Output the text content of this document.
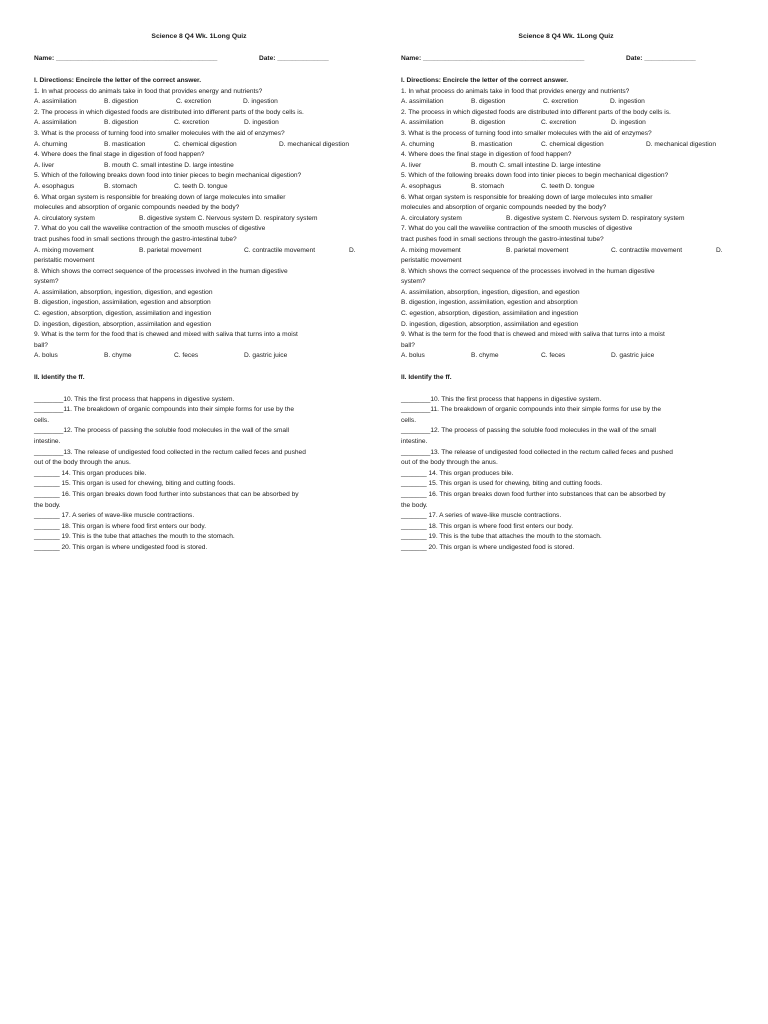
Science 8 Q4 Wk. 1Long Quiz
Name: ____________________________________________	Date: ______________
I. Directions: Encircle the letter of the correct answer.
1. In what process do animals take in food that provides energy and nutrients?
A. assimilation	B. digestion	C. excretion	D. ingestion
2. The process in which digested foods are distributed into different parts of the body cells is.
A. assimilation	B. digestion	C. excretion	D. ingestion
3. What is the process of turning food into smaller molecules with the aid of enzymes?
A. churning	B. mastication	C. chemical digestion	D. mechanical digestion
4. Where does the final stage in digestion of food happen?
A. liver	B. mouth C. small intestine D. large intestine
5. Which of the following breaks down food into tinier pieces to begin mechanical digestion?
A. esophagus	B. stomach	C. teeth D. tongue
6. What organ system is responsible for breaking down of large molecules into smaller
molecules and absorption of organic compounds needed by the body?
A. circulatory system	B. digestive system C. Nervous system D. respiratory system
7. What do you call the wavelike contraction of the smooth muscles of digestive
tract pushes food in small sections through the gastro-intestinal tube?
A. mixing movement	B. parietal movement	C. contractile movement	D.
peristaltic movement
8. Which shows the correct sequence of the processes involved in the human digestive
system?
A. assimilation, absorption, ingestion, digestion, and egestion
B. digestion, ingestion, assimilation, egestion and absorption
C. egestion, absorption, digestion, assimilation and ingestion
D. ingestion, digestion, absorption, assimilation and egestion
9. What is the term for the food that is chewed and mixed with saliva that turns into a moist
ball?
A. bolus	B. chyme	C. feces	D. gastric juice
II. Identify the ff.
________10. This the first process that happens in digestive system.
________11. The breakdown of organic compounds into their simple forms for use by the
cells.
________12. The process of passing the soluble food molecules in the wall of the small
intestine.
________13. The release of undigested food collected in the rectum called feces and pushed
out of the body through the anus.
_______ 14. This organ produces bile.
_______ 15. This organ is used for chewing, biting and cutting foods.
_______ 16. This organ breaks down food further into substances that can be absorbed by
the body.
_______ 17. A series of wave-like muscle contractions.
_______ 18. This organ is where food first enters our body.
_______ 19. This is the tube that attaches the mouth to the stomach.
_______ 20. This organ is where undigested food is stored.
Science 8 Q4 Wk. 1Long Quiz
Name: ____________________________________________	Date: ______________
I. Directions: Encircle the letter of the correct answer.
1. In what process do animals take in food that provides energy and nutrients?
A. assimilation	B. digestion	C. excretion	D. ingestion
2. The process in which digested foods are distributed into different parts of the body cells is.
A. assimilation	B. digestion	C. excretion	D. ingestion
3. What is the process of turning food into smaller molecules with the aid of enzymes?
A. churning	B. mastication	C. chemical digestion	D. mechanical digestion
4. Where does the final stage in digestion of food happen?
A. liver	B. mouth C. small intestine D. large intestine
5. Which of the following breaks down food into tinier pieces to begin mechanical digestion?
A. esophagus	B. stomach	C. teeth D. tongue
6. What organ system is responsible for breaking down of large molecules into smaller
molecules and absorption of organic compounds needed by the body?
A. circulatory system	B. digestive system C. Nervous system D. respiratory system
7. What do you call the wavelike contraction of the smooth muscles of digestive
tract pushes food in small sections through the gastro-intestinal tube?
A. mixing movement	B. parietal movement	C. contractile movement	D.
peristaltic movement
8. Which shows the correct sequence of the processes involved in the human digestive
system?
A. assimilation, absorption, ingestion, digestion, and egestion
B. digestion, ingestion, assimilation, egestion and absorption
C. egestion, absorption, digestion, assimilation and ingestion
D. ingestion, digestion, absorption, assimilation and egestion
9. What is the term for the food that is chewed and mixed with saliva that turns into a moist
ball?
A. bolus	B. chyme	C. feces	D. gastric juice
II. Identify the ff.
________10. This the first process that happens in digestive system.
________11. The breakdown of organic compounds into their simple forms for use by the
cells.
________12. The process of passing the soluble food molecules in the wall of the small
intestine.
________13. The release of undigested food collected in the rectum called feces and pushed
out of the body through the anus.
_______ 14. This organ produces bile.
_______ 15. This organ is used for chewing, biting and cutting foods.
_______ 16. This organ breaks down food further into substances that can be absorbed by
the body.
_______ 17. A series of wave-like muscle contractions.
_______ 18. This organ is where food first enters our body.
_______ 19. This is the tube that attaches the mouth to the stomach.
_______ 20. This organ is where undigested food is stored.
